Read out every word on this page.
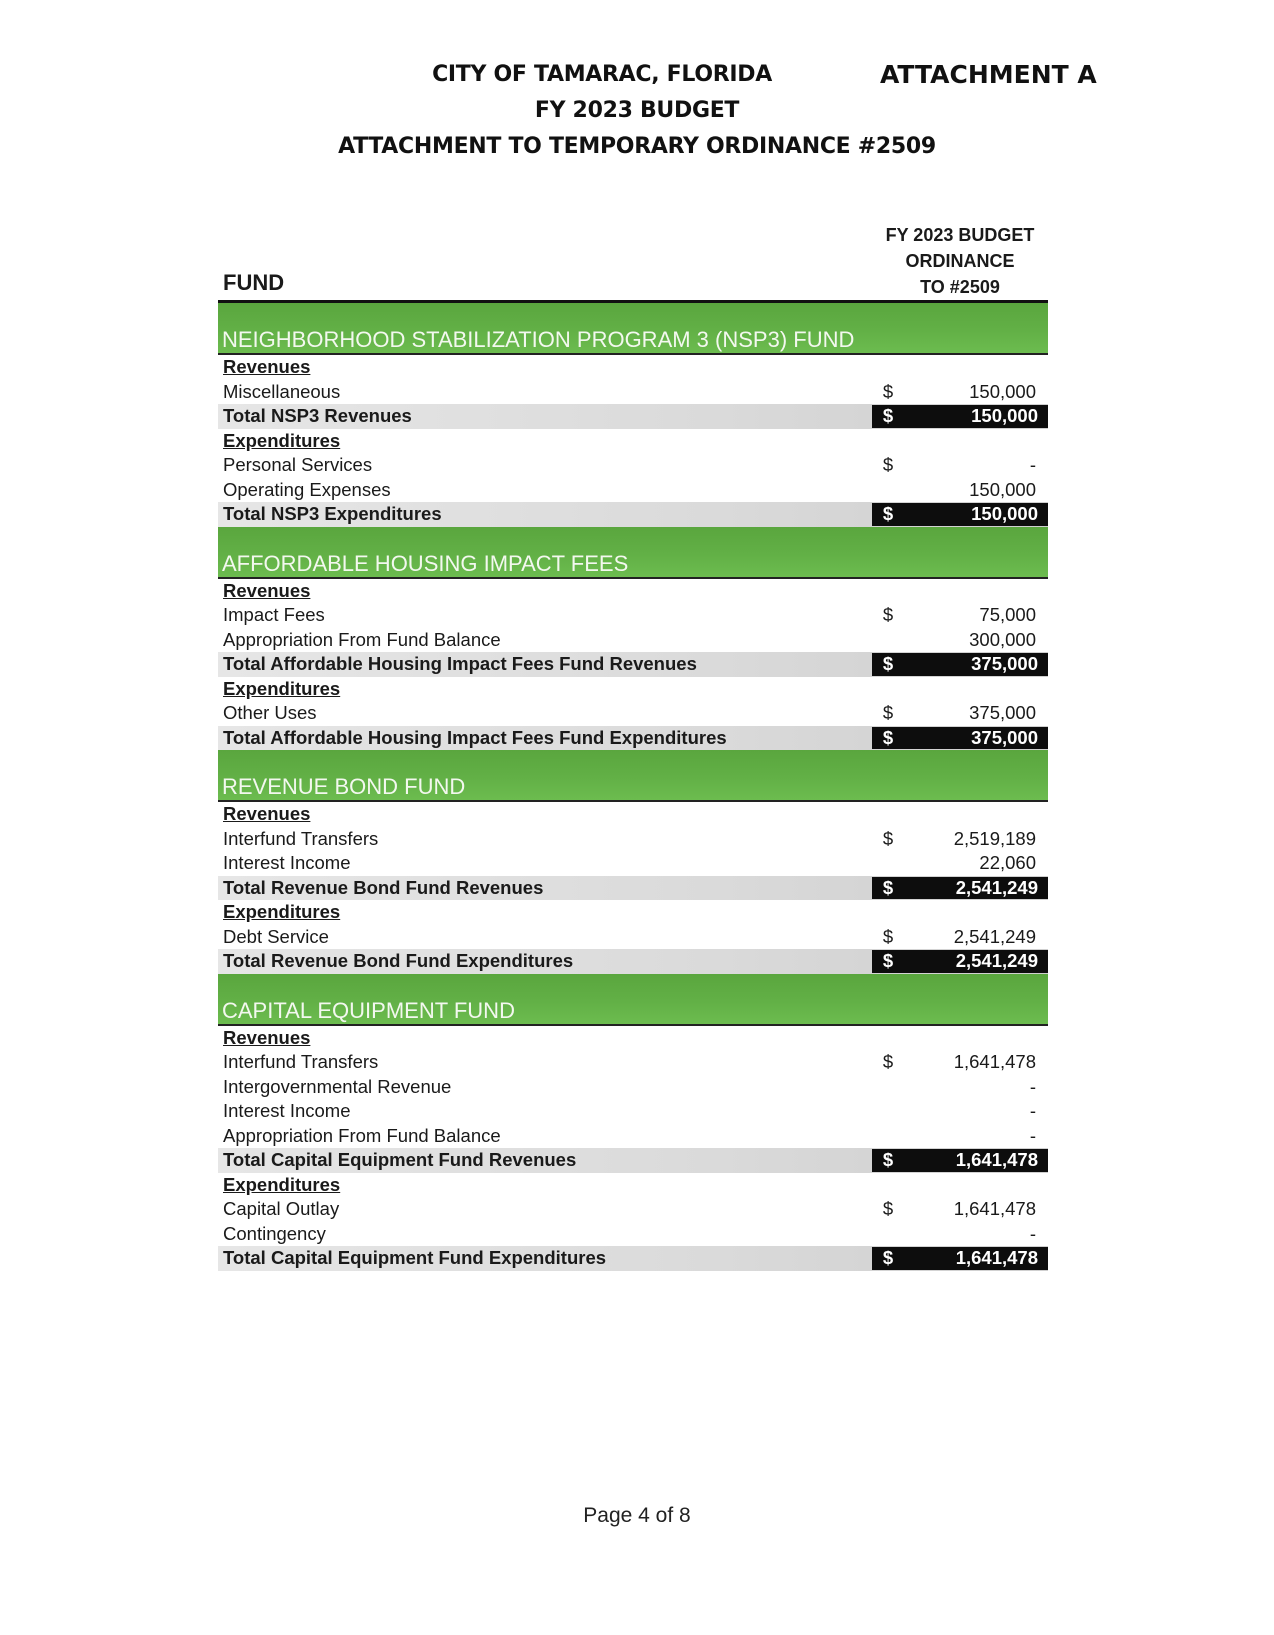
CITY OF TAMARAC, FLORIDA
FY 2023 BUDGET
ATTACHMENT TO TEMPORARY ORDINANCE #2509
ATTACHMENT A
FUND
FY 2023 BUDGET
ORDINANCE
TO #2509
NEIGHBORHOOD STABILIZATION PROGRAM 3 (NSP3) FUND
Revenues
Miscellaneous	$	150,000
Total NSP3 Revenues	$	150,000
Expenditures
Personal Services	$	-
Operating Expenses	150,000
Total NSP3 Expenditures	$	150,000
AFFORDABLE HOUSING IMPACT FEES
Revenues
Impact Fees	$	75,000
Appropriation From Fund Balance	300,000
Total Affordable Housing Impact Fees Fund Revenues	$	375,000
Expenditures
Other Uses	$	375,000
Total Affordable Housing Impact Fees Fund Expenditures	$	375,000
REVENUE BOND FUND
Revenues
Interfund Transfers	$	2,519,189
Interest Income	22,060
Total Revenue Bond Fund Revenues	$	2,541,249
Expenditures
Debt Service	$	2,541,249
Total Revenue Bond Fund Expenditures	$	2,541,249
CAPITAL EQUIPMENT FUND
Revenues
Interfund Transfers	$	1,641,478
Intergovernmental Revenue	-
Interest Income	-
Appropriation From Fund Balance	-
Total Capital Equipment Fund Revenues	$	1,641,478
Expenditures
Capital Outlay	$	1,641,478
Contingency	-
Total Capital Equipment Fund Expenditures	$	1,641,478
Page 4 of 8
